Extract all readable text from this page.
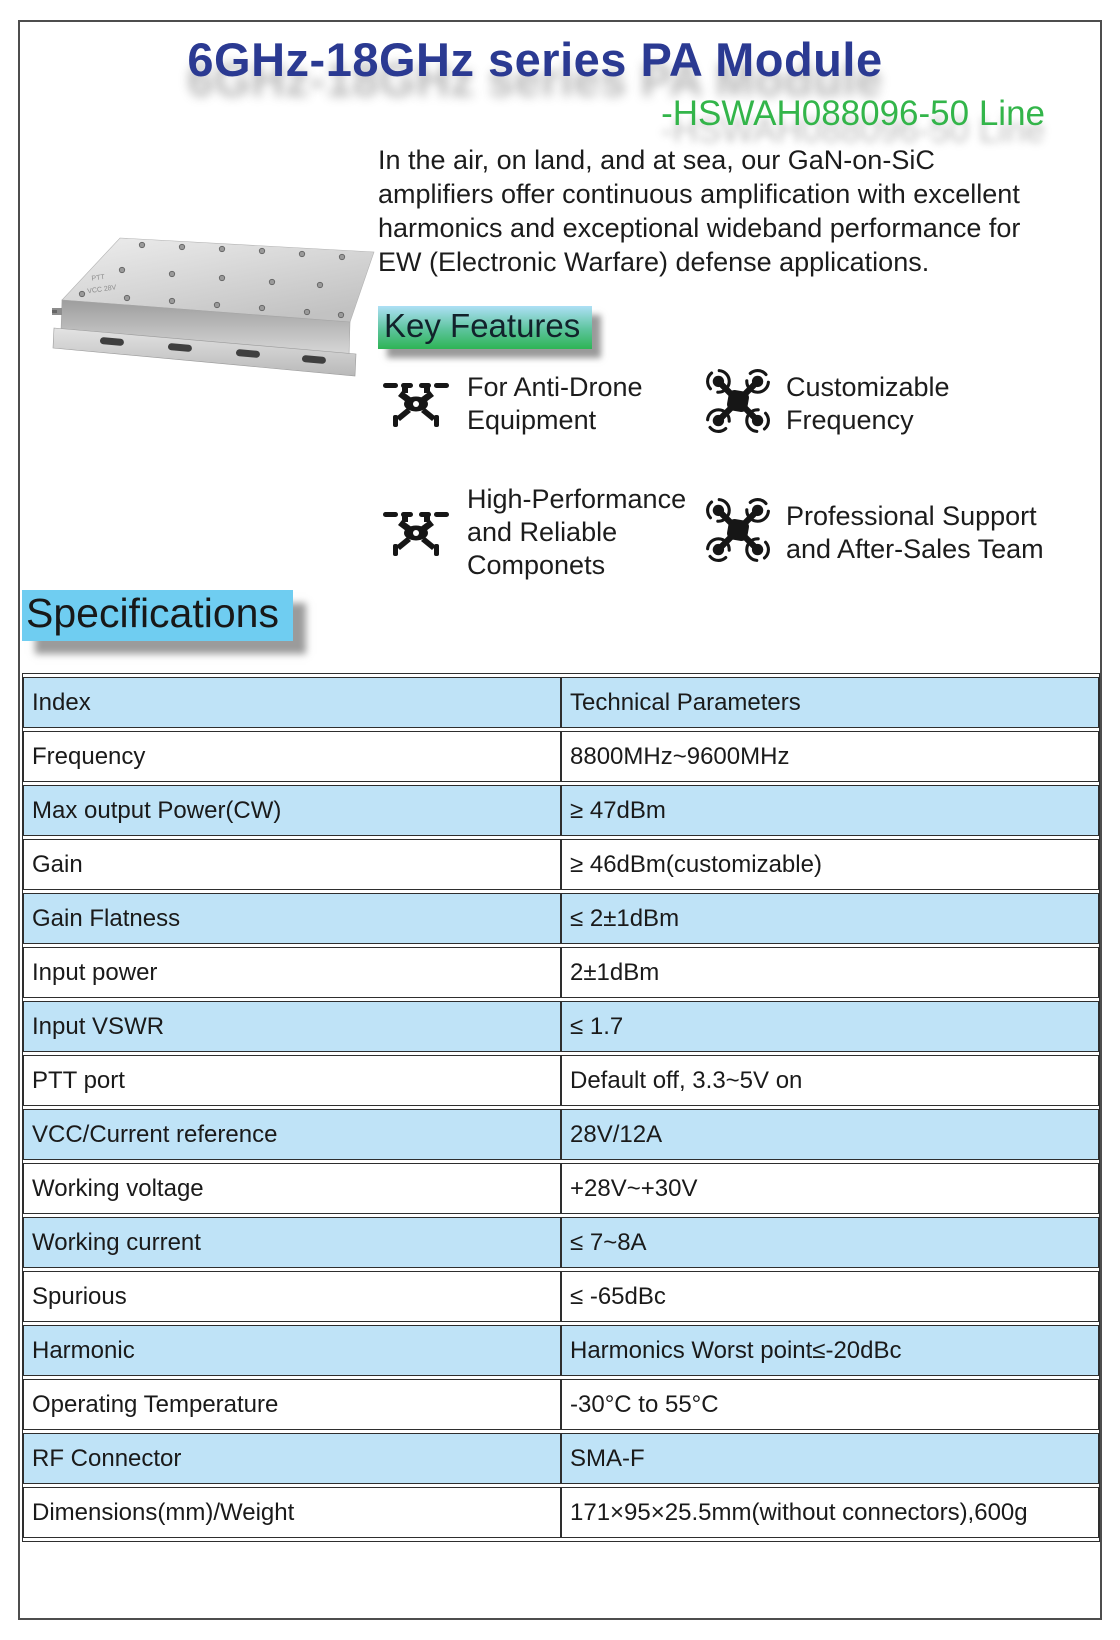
6GHz-18GHz series PA Module
-HSWAH088096-50 Line

In the air, on land, and at sea, our GaN-on-SiC amplifiers offer continuous amplification with excellent harmonics and exceptional wideband performance for EW (Electronic Warfare) defense applications.

PTT
VCC 28V
Key Features
For Anti-Drone Equipment
Customizable Frequency
High-Performance and Reliable Componets
Professional Support and After-Sales Team
Specifications
Index	Technical Parameters
Frequency	8800MHz~9600MHz
Max output Power(CW)	≥ 47dBm
Gain	≥ 46dBm(customizable)
Gain Flatness	≤ 2±1dBm
Input power	2±1dBm
Input VSWR	≤ 1.7
PTT port	Default off, 3.3~5V on
VCC/Current reference	28V/12A
Working voltage	+28V~+30V
Working current	≤ 7~8A
Spurious	≤ -65dBc
Harmonic	Harmonics Worst point≤-20dBc
Operating Temperature	-30°C to 55°C
RF Connector	SMA-F
Dimensions(mm)/Weight	171×95×25.5mm(without connectors),600g
